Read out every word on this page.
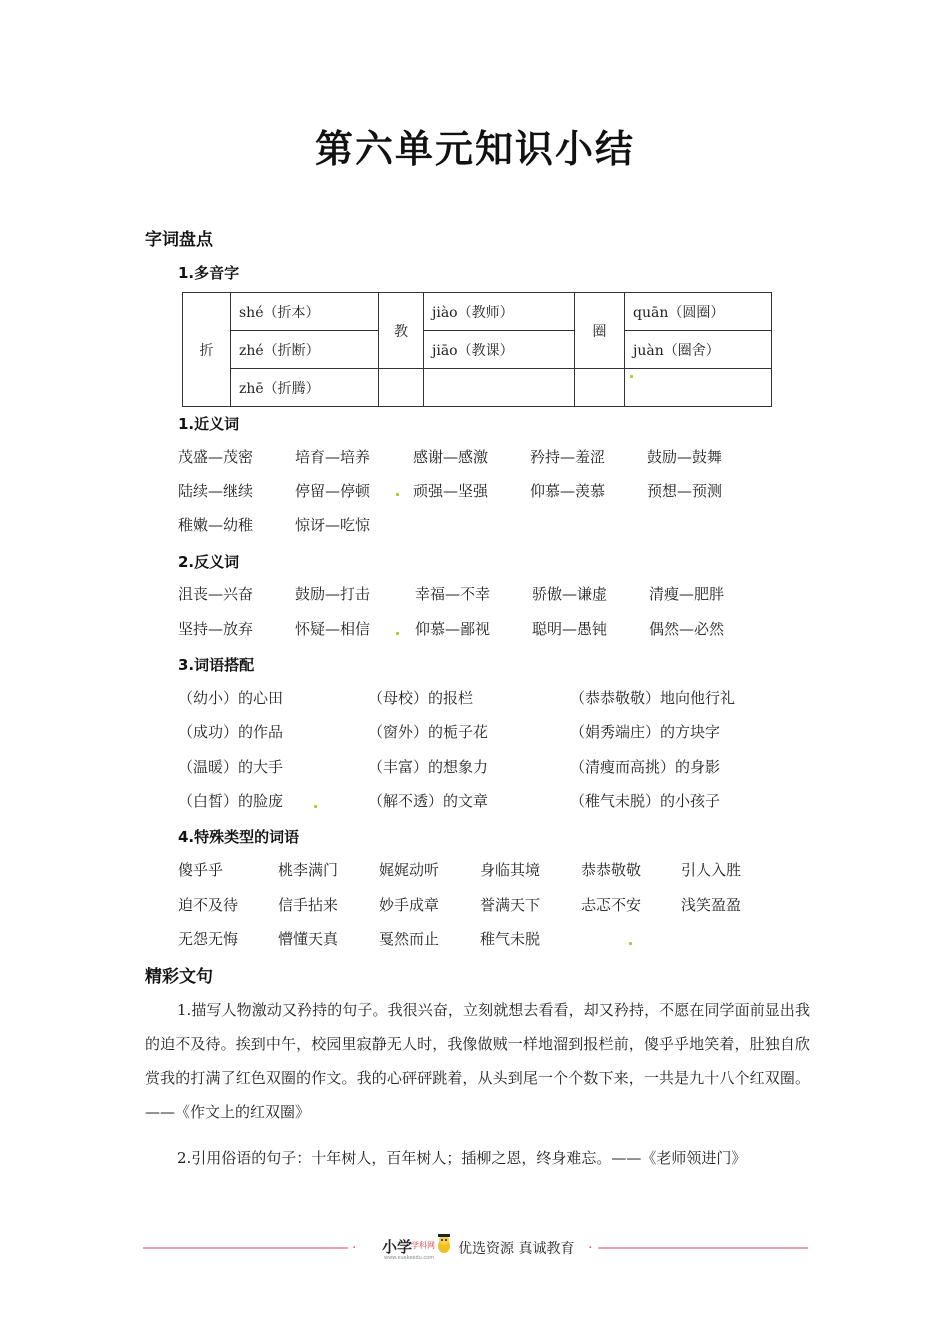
第六单元知识小结
字词盘点
1.多音字
折	shé（折本）	教	jiào（教师）	圈	quān（圆圈）
	zhé（折断）		jiāo（教课）		juàn（圈舍）
	zhē（折腾）				
1.近义词
茂盛—茂密	培育—培养	感谢—感激	矜持—羞涩	鼓励—鼓舞
陆续—继续	停留—停顿	顽强—坚强	仰慕—羡慕	预想—预测
稚嫩—幼稚	惊讶—吃惊
2.反义词
沮丧—兴奋	鼓励—打击	幸福—不幸	骄傲—谦虚	清瘦—肥胖
坚持—放弃	怀疑—相信	仰慕—鄙视	聪明—愚钝	偶然—必然
3.词语搭配
（幼小）的心田	（母校）的报栏	（恭恭敬敬）地向他行礼
（成功）的作品	（窗外）的栀子花	（娟秀端庄）的方块字
（温暖）的大手	（丰富）的想象力	（清瘦而高挑）的身影
（白皙）的脸庞	（解不透）的文章	（稚气未脱）的小孩子
4.特殊类型的词语
傻乎乎	桃李满门	娓娓动听	身临其境	恭恭敬敬	引人入胜
迫不及待	信手拈来	妙手成章	誉满天下	忐忑不安	浅笑盈盈
无怨无悔	懵懂天真	戛然而止	稚气未脱
精彩文句
1.描写人物激动又矜持的句子。我很兴奋，立刻就想去看看，却又矜持，不愿在同学面前显出我的迫不及待。挨到中午，校园里寂静无人时，我像做贼一样地溜到报栏前，傻乎乎地笑着，肚独自欣赏我的打满了红色双圈的作文。我的心砰砰跳着，从头到尾一个个数下来，一共是九十八个红双圈。——《作文上的红双圈》
2.引用俗语的句子：十年树人，百年树人；插柳之恩，终身难忘。——《老师领进门》
· 小学
学科网
www.xuekeedu.com
优选资源 真诚教育 ·
